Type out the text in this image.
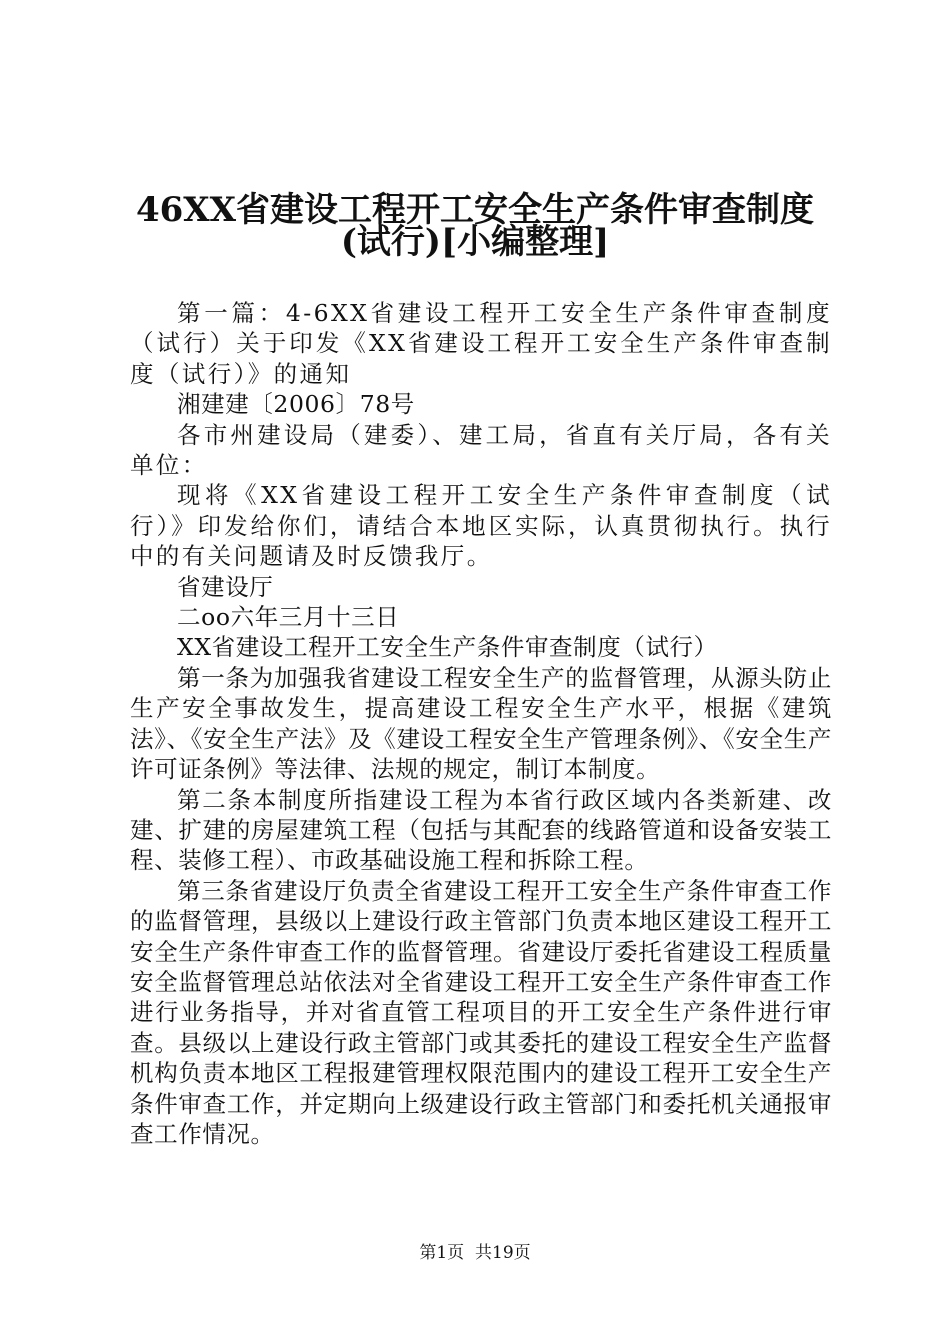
46XX省建设工程开工安全生产条件审查制度
(试行)[小编整理]

第一篇：4-6XX省建设工程开工安全生产条件审查制度（试行）关于印发《XX省建设工程开工安全生产条件审查制度（试行）》的通知

湘建建〔2006〕78号

各市州建设局（建委）、建工局，省直有关厅局，各有关单位：

现将《XX省建设工程开工安全生产条件审查制度（试行）》印发给你们，请结合本地区实际，认真贯彻执行。执行中的有关问题请及时反馈我厅。

省建设厅

二oo六年三月十三日

XX省建设工程开工安全生产条件审查制度（试行）

第一条为加强我省建设工程安全生产的监督管理，从源头防止生产安全事故发生，提高建设工程安全生产水平，根据《建筑法》、《安全生产法》及《建设工程安全生产管理条例》、《安全生产许可证条例》等法律、法规的规定，制订本制度。

第二条本制度所指建设工程为本省行政区域内各类新建、改建、扩建的房屋建筑工程（包括与其配套的线路管道和设备安装工程、装修工程）、市政基础设施工程和拆除工程。

第三条省建设厅负责全省建设工程开工安全生产条件审查工作的监督管理，县级以上建设行政主管部门负责本地区建设工程开工安全生产条件审查工作的监督管理。省建设厅委托省建设工程质量安全监督管理总站依法对全省建设工程开工安全生产条件审查工作进行业务指导，并对省直管工程项目的开工安全生产条件进行审查。县级以上建设行政主管部门或其委托的建设工程安全生产监督机构负责本地区工程报建管理权限范围内的建设工程开工安全生产条件审查工作，并定期向上级建设行政主管部门和委托机关通报审查工作情况。

第1页 共19页
